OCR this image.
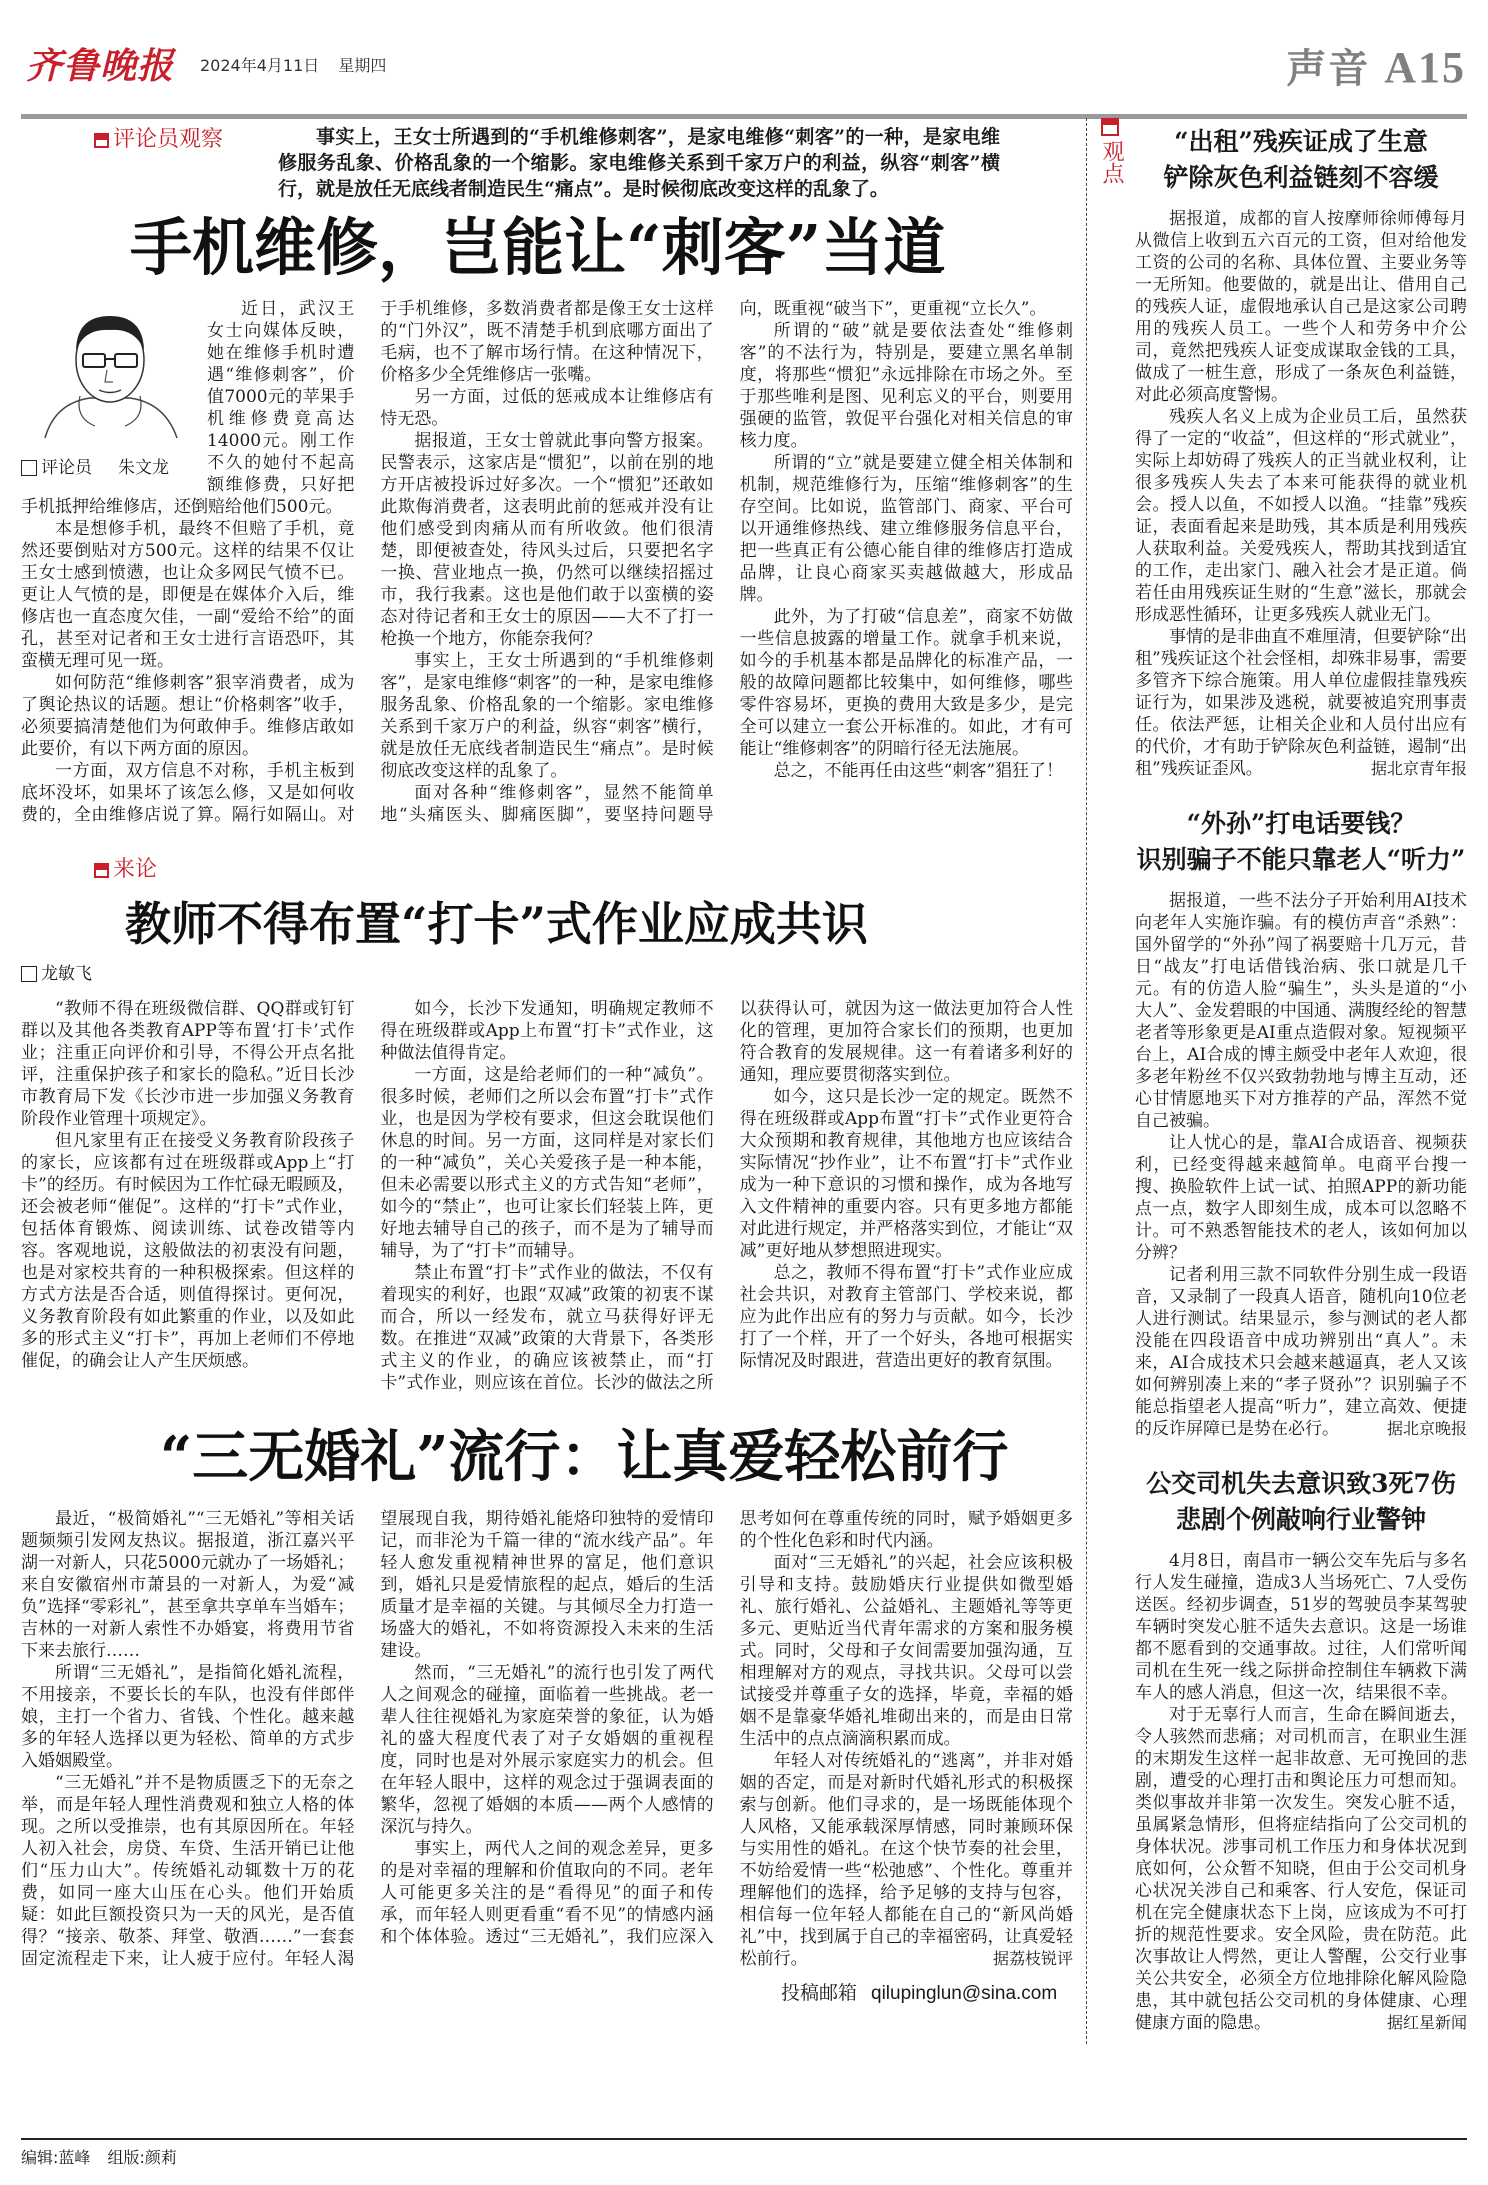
齐鲁晚报 2024年4月11日 星期四	声音 A15
评论员观察	事实上，王女士所遇到的“手机维修刺客”，是家电维修“刺客”的一种，是家电维修服务乱象、价格乱象的一个缩影。家电维修关系到千家万户的利益，纵容“刺客”横行，就是放任无底线者制造民生“痛点”。是时候彻底改变这样的乱象了。
手机维修，岂能让“刺客”当道
评论员 朱文龙

近日，武汉王女士向媒体反映，她在维修手机时遭遇“维修刺客”，价值7000元的苹果手机维修费竟高达14000元。刚工作不久的她付不起高额维修费，只好把手机抵押给维修店，还倒赔给他们500元。

本是想修手机，最终不但赔了手机，竟然还要倒贴对方500元。这样的结果不仅让王女士感到愤懑，也让众多网民气愤不已。更让人气愤的是，即便是在媒体介入后，维修店也一直态度欠佳，一副“爱给不给”的面孔，甚至对记者和王女士进行言语恐吓，其蛮横无理可见一斑。

如何防范“维修刺客”狠宰消费者，成为了舆论热议的话题。想让“价格刺客”收手，必须要搞清楚他们为何敢伸手。维修店敢如此要价，有以下两方面的原因。

一方面，双方信息不对称，手机主板到底坏没坏，如果坏了该怎么修，又是如何收费的，全由维修店说了算。隔行如隔山。对于手机维修，多数消费者都是像王女士这样的“门外汉”，既不清楚手机到底哪方面出了毛病，也不了解市场行情。在这种情况下，价格多少全凭维修店一张嘴。

另一方面，过低的惩戒成本让维修店有恃无恐。

据报道，王女士曾就此事向警方报案。民警表示，这家店是“惯犯”，以前在别的地方开店被投诉过好多次。一个“惯犯”还敢如此欺侮消费者，这表明此前的惩戒并没有让他们感受到肉痛从而有所收敛。他们很清楚，即便被查处，待风头过后，只要把名字一换、营业地点一换，仍然可以继续招摇过市，我行我素。这也是他们敢于以蛮横的姿态对待记者和王女士的原因——大不了打一枪换一个地方，你能奈我何？

事实上，王女士所遇到的“手机维修刺客”，是家电维修“刺客”的一种，是家电维修服务乱象、价格乱象的一个缩影。家电维修关系到千家万户的利益，纵容“刺客”横行，就是放任无底线者制造民生“痛点”。是时候彻底改变这样的乱象了。

面对各种“维修刺客”，显然不能简单地“头痛医头、脚痛医脚”，要坚持问题导向，既重视“破当下”，更重视“立长久”。

所谓的“破”就是要依法查处“维修刺客”的不法行为，特别是，要建立黑名单制度，将那些“惯犯”永远排除在市场之外。至于那些唯利是图、见利忘义的平台，则要用强硬的监管，敦促平台强化对相关信息的审核力度。

所谓的“立”就是要建立健全相关体制和机制，规范维修行为，压缩“维修刺客”的生存空间。比如说，监管部门、商家、平台可以开通维修热线、建立维修服务信息平台，把一些真正有公德心能自律的维修店打造成品牌，让良心商家买卖越做越大，形成品牌。

此外，为了打破“信息差”，商家不妨做一些信息披露的增量工作。就拿手机来说，如今的手机基本都是品牌化的标准产品，一般的故障问题都比较集中，如何维修，哪些零件容易坏，更换的费用大致是多少，是完全可以建立一套公开标准的。如此，才有可能让“维修刺客”的阴暗行径无法施展。

总之，不能再任由这些“刺客”猖狂了！

来论
教师不得布置“打卡”式作业应成共识
龙敏飞

“教师不得在班级微信群、QQ群或钉钉群以及其他各类教育APP等布置‘打卡’式作业；注重正向评价和引导，不得公开点名批评，注重保护孩子和家长的隐私。”近日长沙市教育局下发《长沙市进一步加强义务教育阶段作业管理十项规定》。

但凡家里有正在接受义务教育阶段孩子的家长，应该都有过在班级群或App上“打卡”的经历。有时候因为工作忙碌无暇顾及，还会被老师“催促”。这样的“打卡”式作业，包括体育锻炼、阅读训练、试卷改错等内容。客观地说，这般做法的初衷没有问题，也是对家校共育的一种积极探索。但这样的方式方法是否合适，则值得探讨。更何况，义务教育阶段有如此繁重的作业，以及如此多的形式主义“打卡”，再加上老师们不停地催促，的确会让人产生厌烦感。

如今，长沙下发通知，明确规定教师不得在班级群或App上布置“打卡”式作业，这种做法值得肯定。

一方面，这是给老师们的一种“减负”。很多时候，老师们之所以会布置“打卡”式作业，也是因为学校有要求，但这会耽误他们休息的时间。另一方面，这同样是对家长们的一种“减负”，关心关爱孩子是一种本能，但未必需要以形式主义的方式告知“老师”，如今的“禁止”，也可让家长们轻装上阵，更好地去辅导自己的孩子，而不是为了辅导而辅导，为了“打卡”而辅导。

禁止布置“打卡”式作业的做法，不仅有着现实的利好，也跟“双减”政策的初衷不谋而合，所以一经发布，就立马获得好评无数。在推进“双减”政策的大背景下，各类形式主义的作业，的确应该被禁止，而“打卡”式作业，则应该在首位。长沙的做法之所以获得认可，就因为这一做法更加符合人性化的管理，更加符合家长们的预期，也更加符合教育的发展规律。这一有着诸多利好的通知，理应要贯彻落实到位。

如今，这只是长沙一定的规定。既然不得在班级群或App布置“打卡”式作业更符合大众预期和教育规律，其他地方也应该结合实际情况“抄作业”，让不布置“打卡”式作业成为一种下意识的习惯和操作，成为各地写入文件精神的重要内容。只有更多地方都能对此进行规定，并严格落实到位，才能让“双减”更好地从梦想照进现实。

总之，教师不得布置“打卡”式作业应成社会共识，对教育主管部门、学校来说，都应为此作出应有的努力与贡献。如今，长沙打了一个样，开了一个好头，各地可根据实际情况及时跟进，营造出更好的教育氛围。

“三无婚礼”流行：让真爱轻松前行

最近，“极简婚礼”“三无婚礼”等相关话题频频引发网友热议。据报道，浙江嘉兴平湖一对新人，只花5000元就办了一场婚礼；来自安徽宿州市萧县的一对新人，为爱“减负”选择“零彩礼”，甚至拿共享单车当婚车；吉林的一对新人索性不办婚宴，将费用节省下来去旅行……

所谓“三无婚礼”，是指简化婚礼流程，不用接亲，不要长长的车队，也没有伴郎伴娘，主打一个省力、省钱、个性化。越来越多的年轻人选择以更为轻松、简单的方式步入婚姻殿堂。

“三无婚礼”并不是物质匮乏下的无奈之举，而是年轻人理性消费观和独立人格的体现。之所以受推崇，也有其原因所在。年轻人初入社会，房贷、车贷、生活开销已让他们“压力山大”。传统婚礼动辄数十万的花费，如同一座大山压在心头。他们开始质疑：如此巨额投资只为一天的风光，是否值得？“接亲、敬茶、拜堂、敬酒……”一套套固定流程走下来，让人疲于应付。年轻人渴望展现自我，期待婚礼能烙印独特的爱情印记，而非沦为千篇一律的“流水线产品”。年轻人愈发重视精神世界的富足，他们意识到，婚礼只是爱情旅程的起点，婚后的生活质量才是幸福的关键。与其倾尽全力打造一场盛大的婚礼，不如将资源投入未来的生活建设。

然而，“三无婚礼”的流行也引发了两代人之间观念的碰撞，面临着一些挑战。老一辈人往往视婚礼为家庭荣誉的象征，认为婚礼的盛大程度代表了对子女婚姻的重视程度，同时也是对外展示家庭实力的机会。但在年轻人眼中，这样的观念过于强调表面的繁华，忽视了婚姻的本质——两个人感情的深沉与持久。

事实上，两代人之间的观念差异，更多的是对幸福的理解和价值取向的不同。老年人可能更多关注的是“看得见”的面子和传承，而年轻人则更看重“看不见”的情感内涵和个体体验。透过“三无婚礼”，我们应深入思考如何在尊重传统的同时，赋予婚姻更多的个性化色彩和时代内涵。

面对“三无婚礼”的兴起，社会应该积极引导和支持。鼓励婚庆行业提供如微型婚礼、旅行婚礼、公益婚礼、主题婚礼等等更多元、更贴近当代青年需求的方案和服务模式。同时，父母和子女间需要加强沟通，互相理解对方的观点，寻找共识。父母可以尝试接受并尊重子女的选择，毕竟，幸福的婚姻不是靠豪华婚礼堆砌出来的，而是由日常生活中的点点滴滴积累而成。

年轻人对传统婚礼的“逃离”，并非对婚姻的否定，而是对新时代婚礼形式的积极探索与创新。他们寻求的，是一场既能体现个人风格，又能承载深厚情感，同时兼顾环保与实用性的婚礼。在这个快节奏的社会里，不妨给爱情一些“松弛感”、个性化。尊重并理解他们的选择，给予足够的支持与包容，相信每一位年轻人都能在自己的“新风尚婚礼”中，找到属于自己的幸福密码，让真爱轻松前行。	据荔枝锐评

投稿邮箱 qilupinglun@sina.com
观点	“出租”残疾证成了生意
铲除灰色利益链刻不容缓

据报道，成都的盲人按摩师徐师傅每月从微信上收到五六百元的工资，但对给他发工资的公司的名称、具体位置、主要业务等一无所知。他要做的，就是出让、借用自己的残疾人证，虚假地承认自己是这家公司聘用的残疾人员工。一些个人和劳务中介公司，竟然把残疾人证变成谋取金钱的工具，做成了一桩生意，形成了一条灰色利益链，对此必须高度警惕。

残疾人名义上成为企业员工后，虽然获得了一定的“收益”，但这样的“形式就业”，实际上却妨碍了残疾人的正当就业权利，让很多残疾人失去了本来可能获得的就业机会。授人以鱼，不如授人以渔。“挂靠”残疾证，表面看起来是助残，其本质是利用残疾人获取利益。关爱残疾人，帮助其找到适宜的工作，走出家门、融入社会才是正道。倘若任由用残疾证生财的“生意”滋长，那就会形成恶性循环，让更多残疾人就业无门。

事情的是非曲直不难厘清，但要铲除“出租”残疾证这个社会怪相，却殊非易事，需要多管齐下综合施策。用人单位虚假挂靠残疾证行为，如果涉及逃税，就要被追究刑事责任。依法严惩，让相关企业和人员付出应有的代价，才有助于铲除灰色利益链，遏制“出租”残疾证歪风。	据北京青年报

“外孙”打电话要钱？
识别骗子不能只靠老人“听力”

据报道，一些不法分子开始利用AI技术向老年人实施诈骗。有的模仿声音“杀熟”：国外留学的“外孙”闯了祸要赔十几万元，昔日“战友”打电话借钱治病、张口就是几千元。有的仿造人脸“骗生”，头头是道的“小大人”、金发碧眼的中国通、满腹经纶的智慧老者等形象更是AI重点造假对象。短视频平台上，AI合成的博主颇受中老年人欢迎，很多老年粉丝不仅兴致勃勃地与博主互动，还心甘情愿地买下对方推荐的产品，浑然不觉自己被骗。

让人忧心的是，靠AI合成语音、视频获利，已经变得越来越简单。电商平台搜一搜、换脸软件上试一试、拍照APP的新功能点一点，数字人即刻生成，成本可以忽略不计。可不熟悉智能技术的老人，该如何加以分辨？

记者利用三款不同软件分别生成一段语音，又录制了一段真人语音，随机向10位老人进行测试。结果显示，参与测试的老人都没能在四段语音中成功辨别出“真人”。未来，AI合成技术只会越来越逼真，老人又该如何辨别凑上来的“孝子贤孙”？识别骗子不能总指望老人提高“听力”，建立高效、便捷的反诈屏障已是势在必行。	据北京晚报

公交司机失去意识致3死7伤
悲剧个例敲响行业警钟

4月8日，南昌市一辆公交车先后与多名行人发生碰撞，造成3人当场死亡、7人受伤送医。经初步调查，51岁的驾驶员李某驾驶车辆时突发心脏不适失去意识。这是一场谁都不愿看到的交通事故。过往，人们常听闻司机在生死一线之际拼命控制住车辆救下满车人的感人消息，但这一次，结果很不幸。

对于无辜行人而言，生命在瞬间逝去，令人骇然而悲痛；对司机而言，在职业生涯的末期发生这样一起非故意、无可挽回的悲剧，遭受的心理打击和舆论压力可想而知。类似事故并非第一次发生。突发心脏不适，虽属紧急情形，但将症结指向了公交司机的身体状况。涉事司机工作压力和身体状况到底如何，公众暂不知晓，但由于公交司机身心状况关涉自己和乘客、行人安危，保证司机在完全健康状态下上岗，应该成为不可打折的规范性要求。安全风险，贵在防范。此次事故让人愕然，更让人警醒，公交行业事关公共安全，必须全方位地排除化解风险隐患，其中就包括公交司机的身体健康、心理健康方面的隐患。	据红星新闻

编辑:蓝峰 组版:颜莉
